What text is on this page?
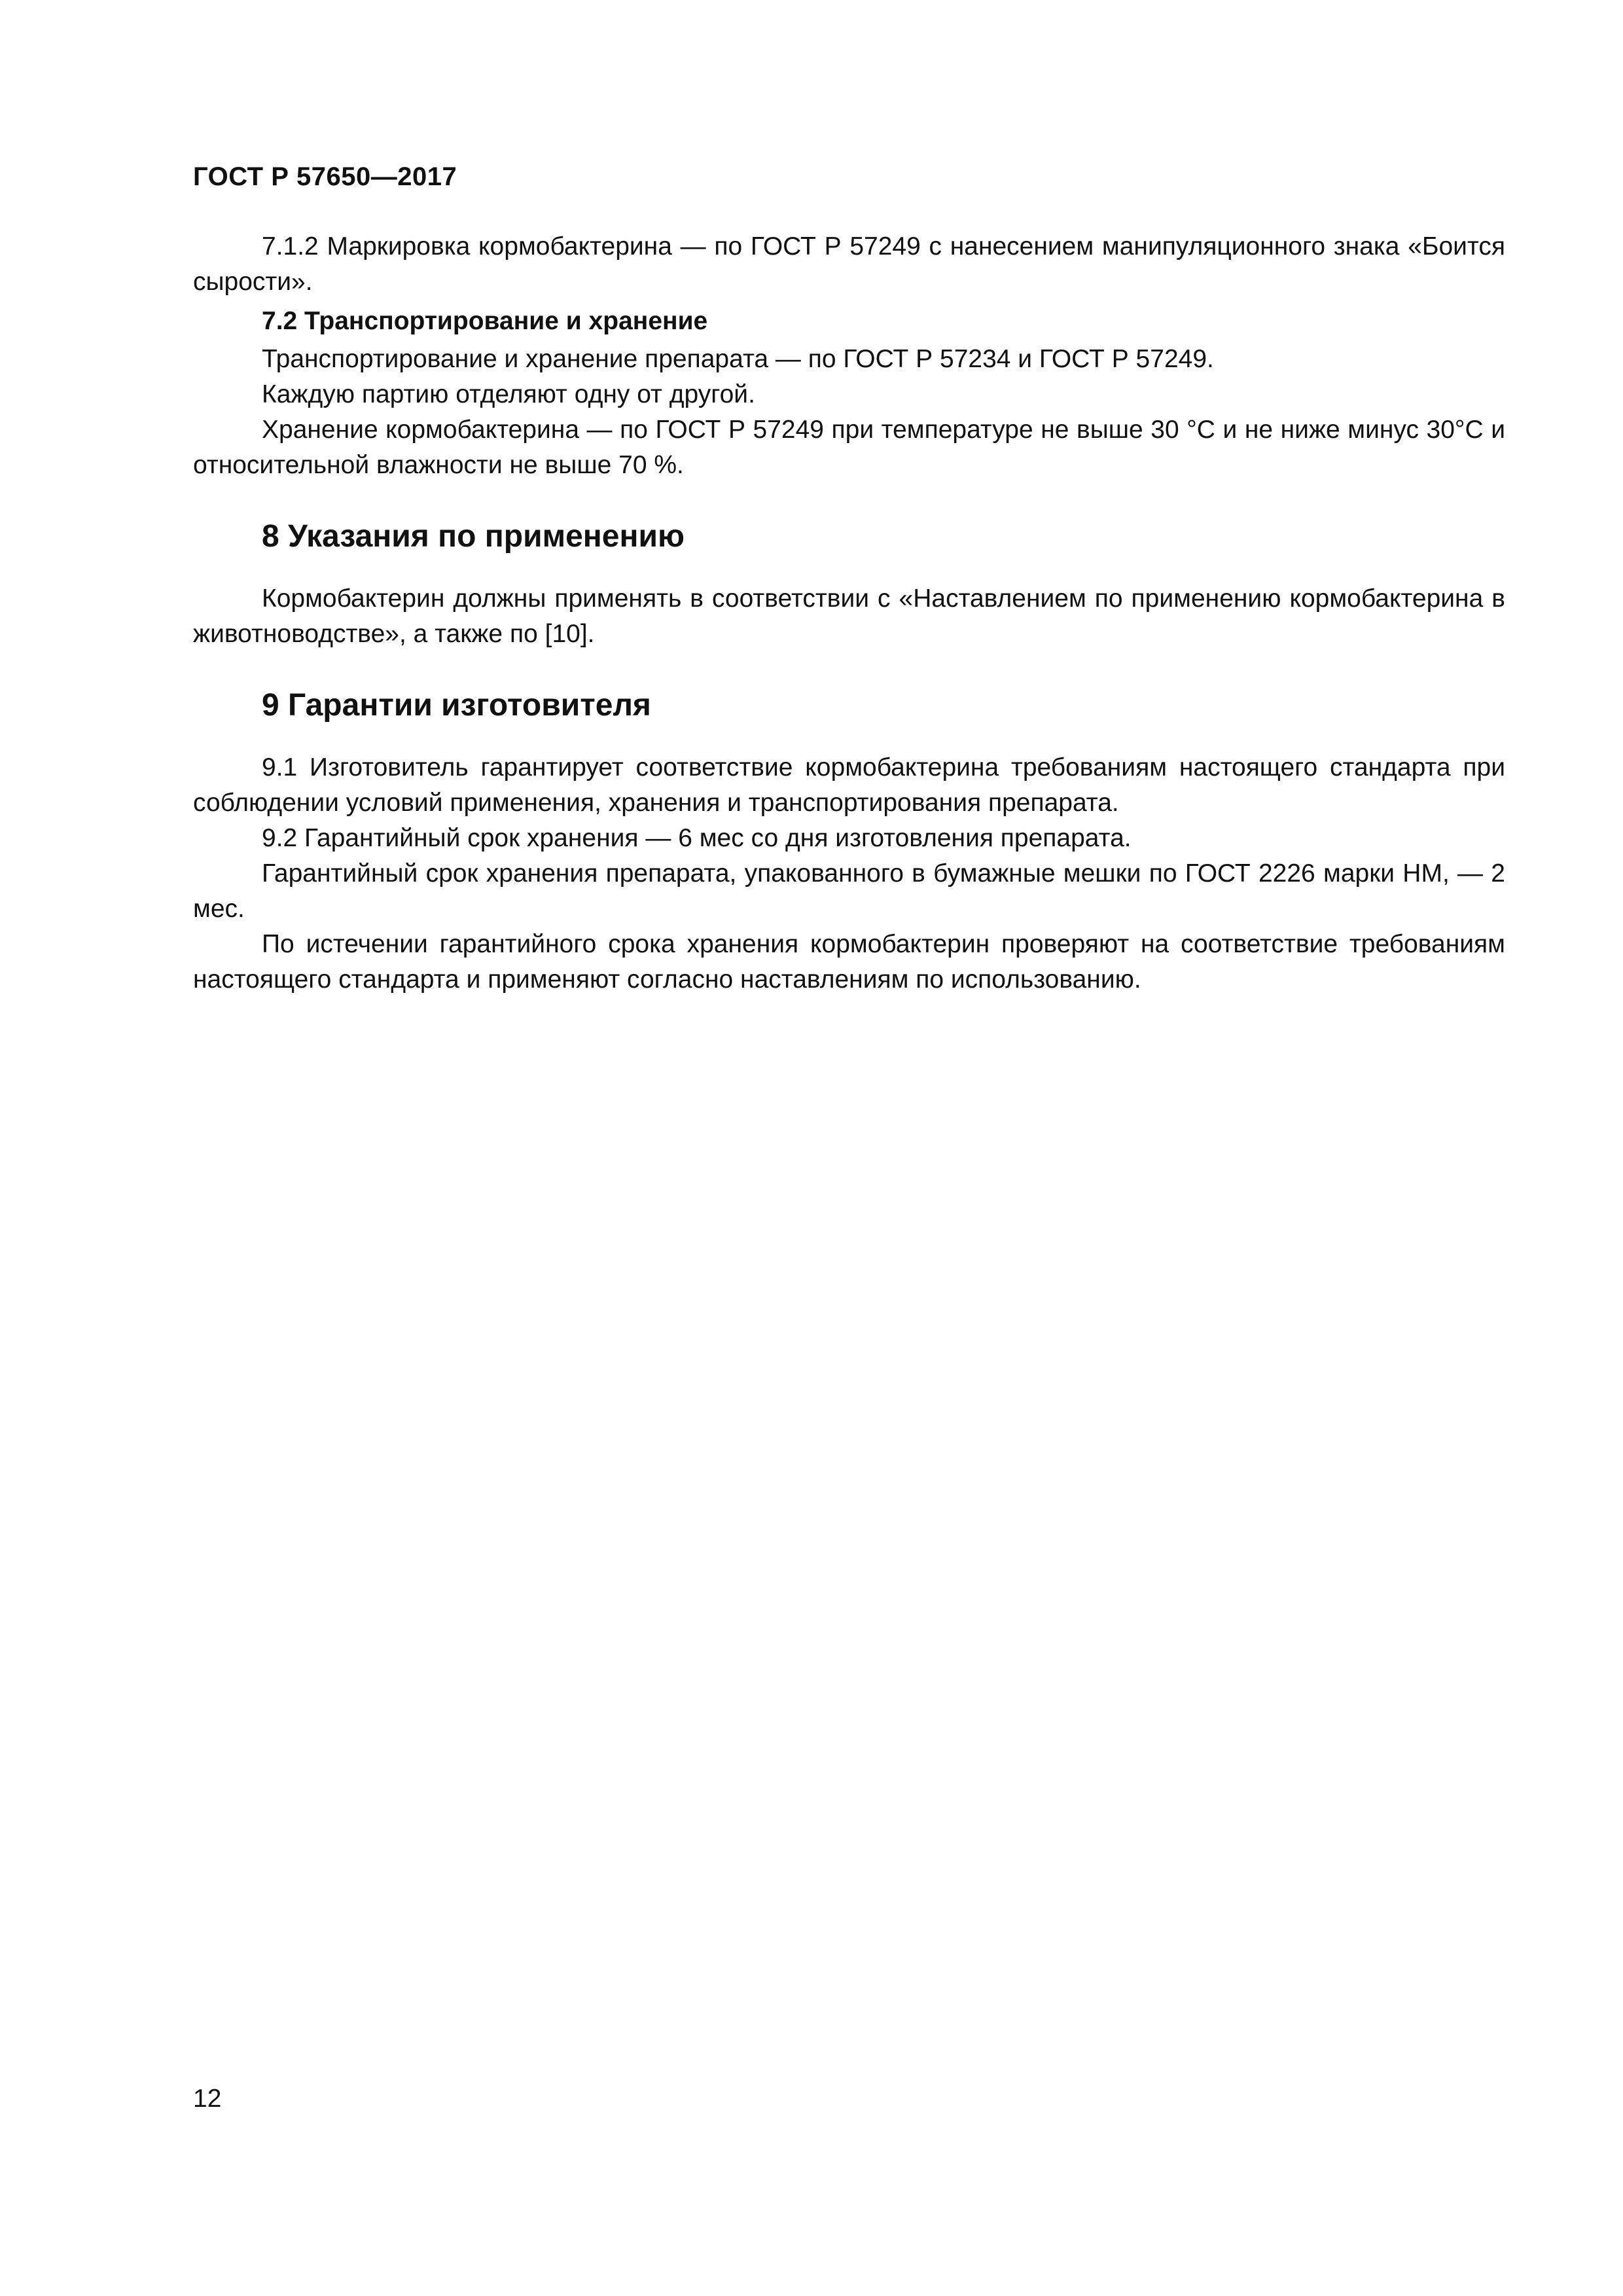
ГОСТ Р 57650—2017

7.1.2 Маркировка кормобактерина — по ГОСТ Р 57249 с нанесением манипуляционного знака «Боится сырости».

7.2 Транспортирование и хранение

Транспортирование и хранение препарата — по ГОСТ Р 57234 и ГОСТ Р 57249.

Каждую партию отделяют одну от другой.

Хранение кормобактерина — по ГОСТ Р 57249 при температуре не выше 30 °С и не ниже минус 30°С и относительной влажности не выше 70 %.

8 Указания по применению

Кормобактерин должны применять в соответствии с «Наставлением по применению кормобактерина в животноводстве», а также по [10].

9 Гарантии изготовителя

9.1 Изготовитель гарантирует соответствие кормобактерина требованиям настоящего стандарта при соблюдении условий применения, хранения и транспортирования препарата.

9.2 Гарантийный срок хранения — 6 мес со дня изготовления препарата.

Гарантийный срок хранения препарата, упакованного в бумажные мешки по ГОСТ 2226 марки НМ, — 2 мес.

По истечении гарантийного срока хранения кормобактерин проверяют на соответствие требованиям настоящего стандарта и применяют согласно наставлениям по использованию.

12
